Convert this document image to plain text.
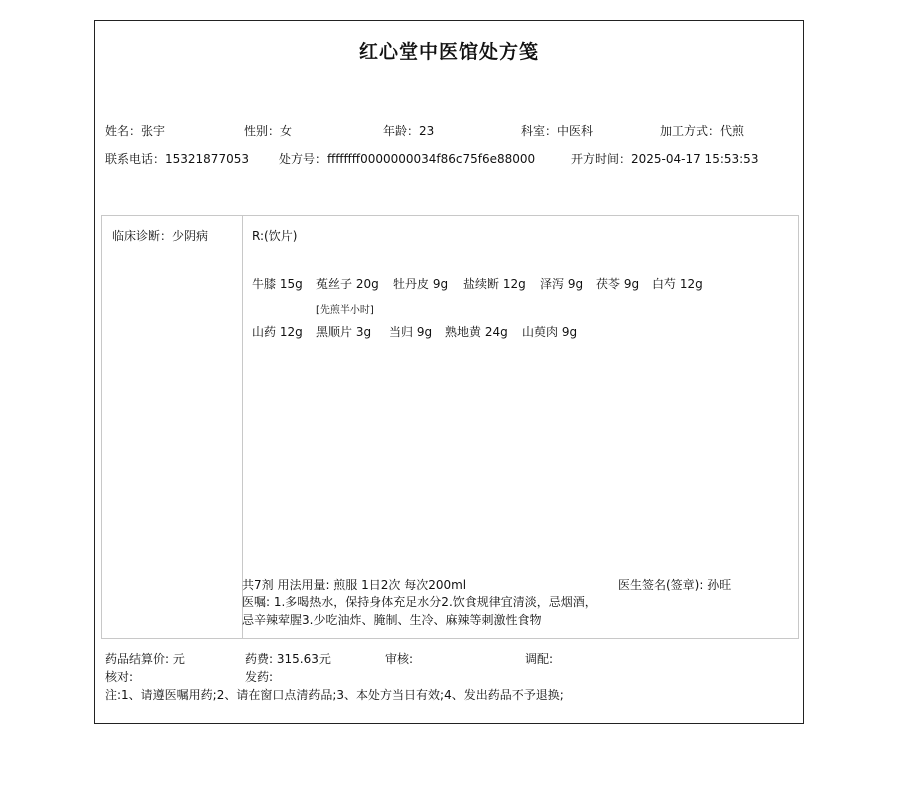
红心堂中医馆处方笺
姓名：张宇	性别：女	年龄：23	科室：中医科	加工方式：代煎
联系电话：15321877053	处方号：ffffffff0000000034f86c75f6e88000	开方时间：2025-04-17 15:53:53
临床诊断：少阴病	R:(饮片)
牛膝 15g 菟丝子 20g 牡丹皮 9g 盐续断 12g 泽泻 9g 茯苓 9g 白芍 12g
[先煎半小时]
山药 12g 黑顺片 3g 当归 9g 熟地黄 24g 山萸肉 9g
共7剂 用法用量: 煎服 1日2次 每次200ml	医生签名(签章): 孙旺
医嘱: 1.多喝热水，保持身体充足水分2.饮食规律宜清淡，忌烟酒，忌辛辣荤腥3.少吃油炸、腌制、生冷、麻辣等刺激性食物
药品结算价: 元	药费: 315.63元	审核:	调配:
核对:	发药:
注:1、请遵医嘱用药;2、请在窗口点清药品;3、本处方当日有效;4、发出药品不予退换;
